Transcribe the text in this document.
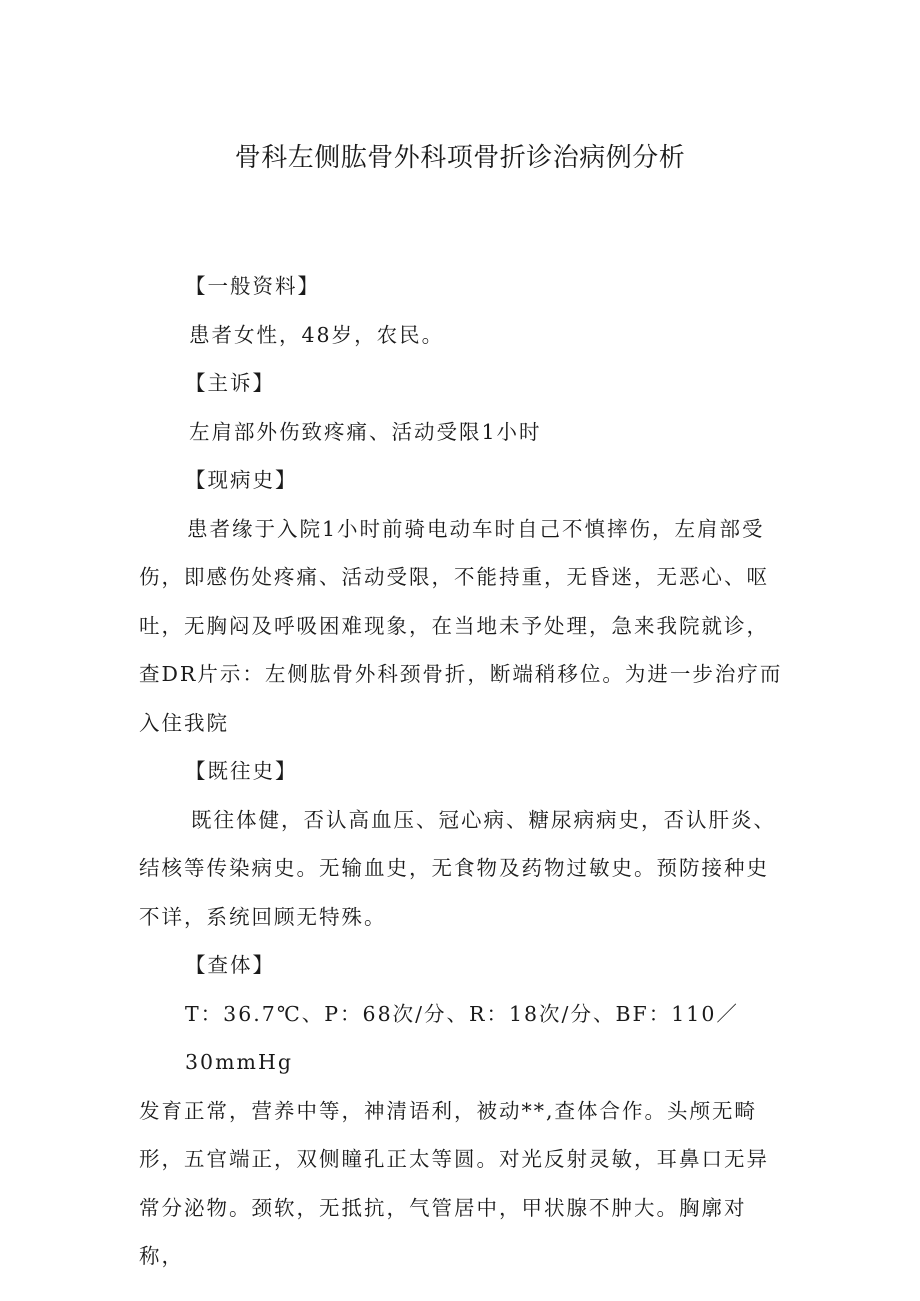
骨科左侧肱骨外科项骨折诊治病例分析

【一般资料】

患者女性，48岁，农民。

【主诉】

左肩部外伤致疼痛、活动受限1小时

【现病史】

患者缘于入院1小时前骑电动车时自己不慎摔伤，左肩部受伤，即感伤处疼痛、活动受限，不能持重，无昏迷，无恶心、呕吐，无胸闷及呼吸困难现象，在当地未予处理，急来我院就诊，查DR片示：左侧肱骨外科颈骨折，断端稍移位。为进一步治疗而入住我院

【既往史】

既往体健，否认高血压、冠心病、糖尿病病史，否认肝炎、结核等传染病史。无输血史，无食物及药物过敏史。预防接种史不详，系统回顾无特殊。

【查体】

T：36.7℃、P：68次/分、R：18次/分、BF：110／30mmHg

发育正常，营养中等，神清语利，被动**,查体合作。头颅无畸形，五官端正，双侧瞳孔正太等圆。对光反射灵敏，耳鼻口无异常分泌物。颈软，无抵抗，气管居中，甲状腺不肿大。胸廓对称，
